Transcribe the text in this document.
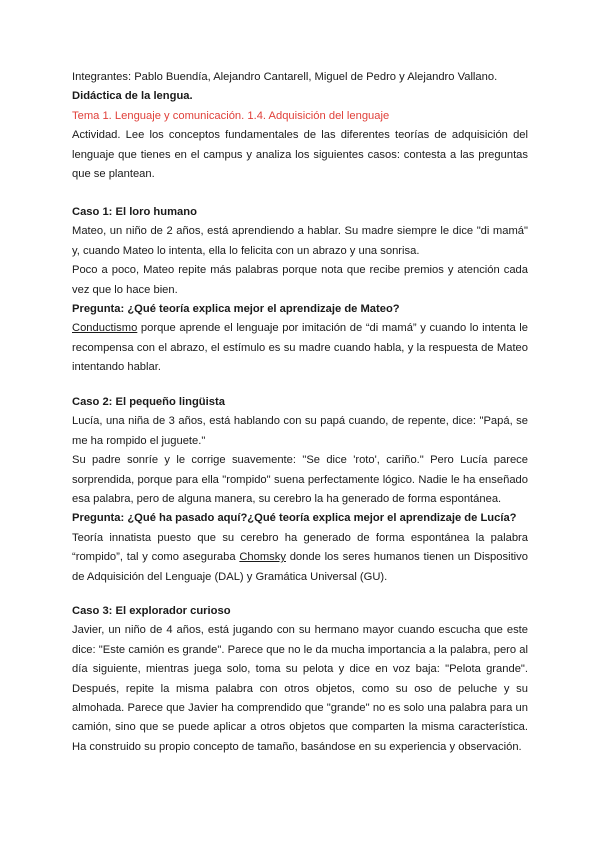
Integrantes: Pablo Buendía, Alejandro Cantarell, Miguel de Pedro y Alejandro Vallano.
Didáctica de la lengua.
Tema 1. Lenguaje y comunicación. 1.4. Adquisición del lenguaje
Actividad. Lee los conceptos fundamentales de las diferentes teorías de adquisición del lenguaje que tienes en el campus y analiza los siguientes casos: contesta a las preguntas que se plantean.
Caso 1: El loro humano
Mateo, un niño de 2 años, está aprendiendo a hablar. Su madre siempre le dice "di mamá" y, cuando Mateo lo intenta, ella lo felicita con un abrazo y una sonrisa.
Poco a poco, Mateo repite más palabras porque nota que recibe premios y atención cada vez que lo hace bien.
Pregunta: ¿Qué teoría explica mejor el aprendizaje de Mateo?
Conductismo porque aprende el lenguaje por imitación de “di mamá” y cuando lo intenta le recompensa con el abrazo, el estímulo es su madre cuando habla, y la respuesta de Mateo intentando hablar.
Caso 2: El pequeño lingüista
Lucía, una niña de 3 años, está hablando con su papá cuando, de repente, dice: "Papá, se me ha rompido el juguete."
Su padre sonríe y le corrige suavemente: "Se dice 'roto', cariño." Pero Lucía parece sorprendida, porque para ella "rompido" suena perfectamente lógico. Nadie le ha enseñado esa palabra, pero de alguna manera, su cerebro la ha generado de forma espontánea.
Pregunta: ¿Qué ha pasado aquí?¿Qué teoría explica mejor el aprendizaje de Lucía?
Teoría innatista puesto que su cerebro ha generado de forma espontánea la palabra “rompido”, tal y como aseguraba Chomsky donde los seres humanos tienen un Dispositivo de Adquisición del Lenguaje (DAL) y Gramática Universal (GU).
Caso 3: El explorador curioso
Javier, un niño de 4 años, está jugando con su hermano mayor cuando escucha que este dice: "Este camión es grande". Parece que no le da mucha importancia a la palabra, pero al día siguiente, mientras juega solo, toma su pelota y dice en voz baja: "Pelota grande". Después, repite la misma palabra con otros objetos, como su oso de peluche y su almohada. Parece que Javier ha comprendido que "grande" no es solo una palabra para un camión, sino que se puede aplicar a otros objetos que comparten la misma característica. Ha construido su propio concepto de tamaño, basándose en su experiencia y observación.
